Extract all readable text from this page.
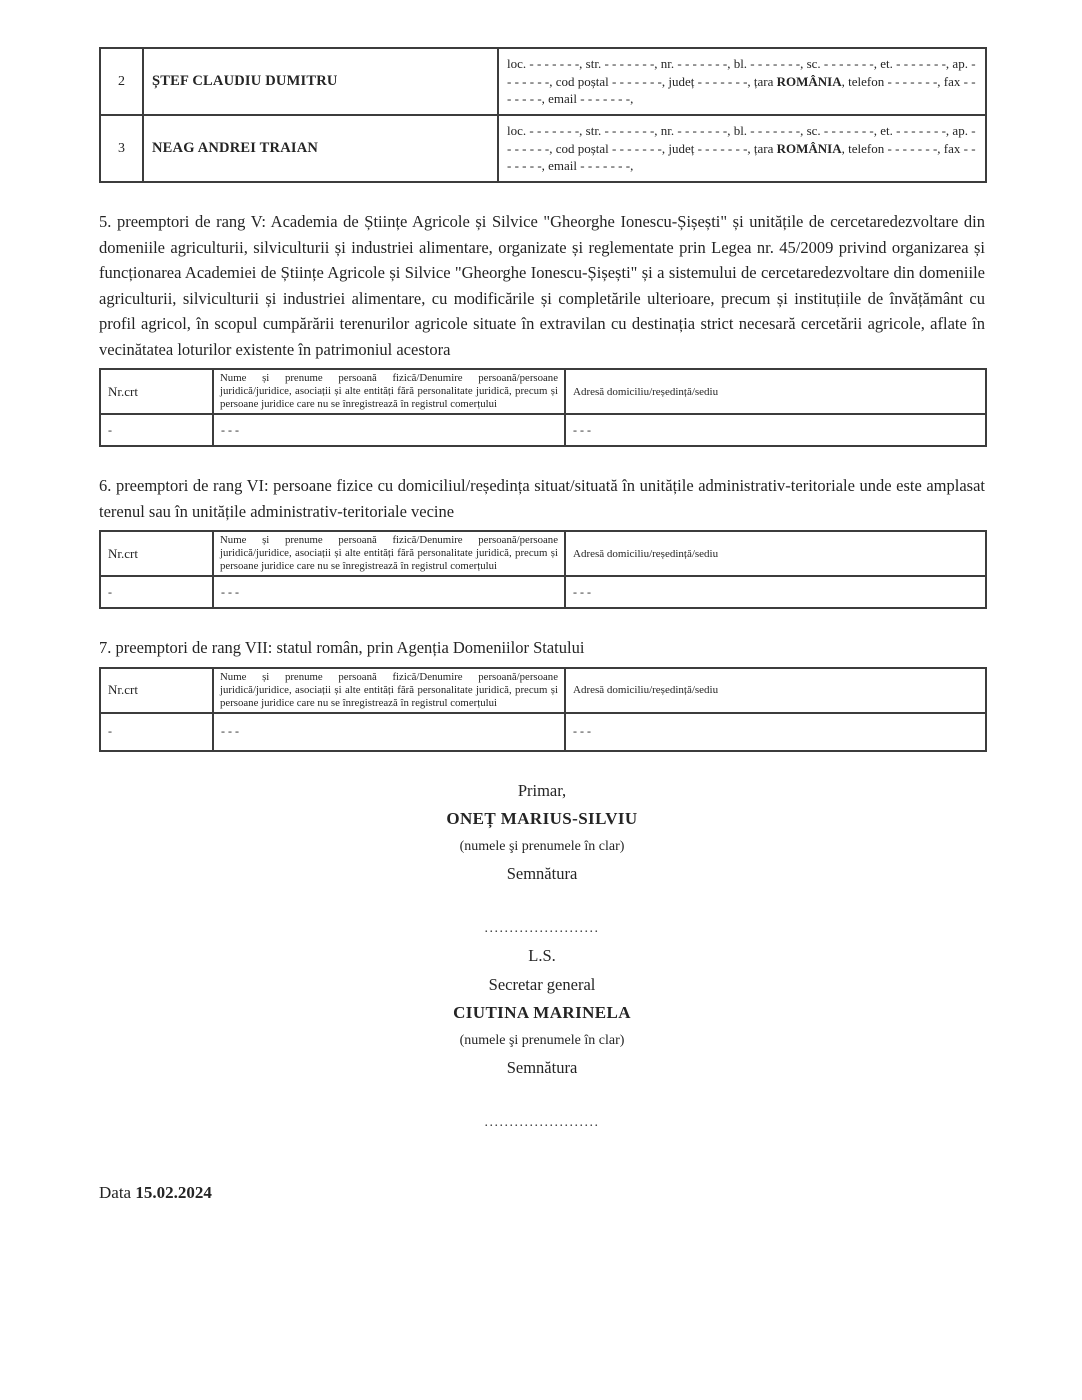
2	ȘTEF CLAUDIU DUMITRU	loc. - - - - - - -, str. - - - - - - -, nr. - - - - - - -, bl. - - - - - - -, sc. - - - - - - -, et. - - - - - - -, ap. - - - - - - -, cod poștal - - - - - - -, județ - - - - - - -, țara ROMÂNIA, telefon - - - - - - -, fax - - - - - - -, email - - - - - - -,
3	NEAG ANDREI TRAIAN	loc. - - - - - - -, str. - - - - - - -, nr. - - - - - - -, bl. - - - - - - -, sc. - - - - - - -, et. - - - - - - -, ap. - - - - - - -, cod poștal - - - - - - -, județ - - - - - - -, țara ROMÂNIA, telefon - - - - - - -, fax - - - - - - -, email - - - - - - -,

5. preemptori de rang V: Academia de Științe Agricole și Silvice "Gheorghe Ionescu-Șișești" și unitățile de cercetaredezvoltare din domeniile agriculturii, silviculturii și industriei alimentare, organizate și reglementate prin Legea nr. 45/2009 privind organizarea și funcționarea Academiei de Științe Agricole și Silvice "Gheorghe Ionescu-Șișești" și a sistemului de cercetaredezvoltare din domeniile agriculturii, silviculturii și industriei alimentare, cu modificările și completările ulterioare, precum și instituțiile de învățământ cu profil agricol, în scopul cumpărării terenurilor agricole situate în extravilan cu destinația strict necesară cercetării agricole, aflate în vecinătatea loturilor existente în patrimoniul acestora

Nr.crt	Nume și prenume persoană fizică/Denumire persoană/persoane juridică/juridice, asociații și alte entități fără personalitate juridică, precum și persoane juridice care nu se înregistrează în registrul comerțului	Adresă domiciliu/reședință/sediu
-	- - -	- - -

6. preemptori de rang VI: persoane fizice cu domiciliul/reședința situat/situată în unitățile administrativ-teritoriale unde este amplasat terenul sau în unitățile administrativ-teritoriale vecine

Nr.crt	Nume și prenume persoană fizică/Denumire persoană/persoane juridică/juridice, asociații și alte entități fără personalitate juridică, precum și persoane juridice care nu se înregistrează în registrul comerțului	Adresă domiciliu/reședință/sediu
-	- - -	- - -

7. preemptori de rang VII: statul român, prin Agenția Domeniilor Statului

Nr.crt	Nume și prenume persoană fizică/Denumire persoană/persoane juridică/juridice, asociații și alte entități fără personalitate juridică, precum și persoane juridice care nu se înregistrează în registrul comerțului	Adresă domiciliu/reședință/sediu
-	- - -	- - -
Primar,
ONEȚ MARIUS-SILVIU
(numele şi prenumele în clar)
Semnătura
.......................
L.S.
Secretar general
CIUTINA MARINELA
(numele şi prenumele în clar)
Semnătura
.......................
Data 15.02.2024
